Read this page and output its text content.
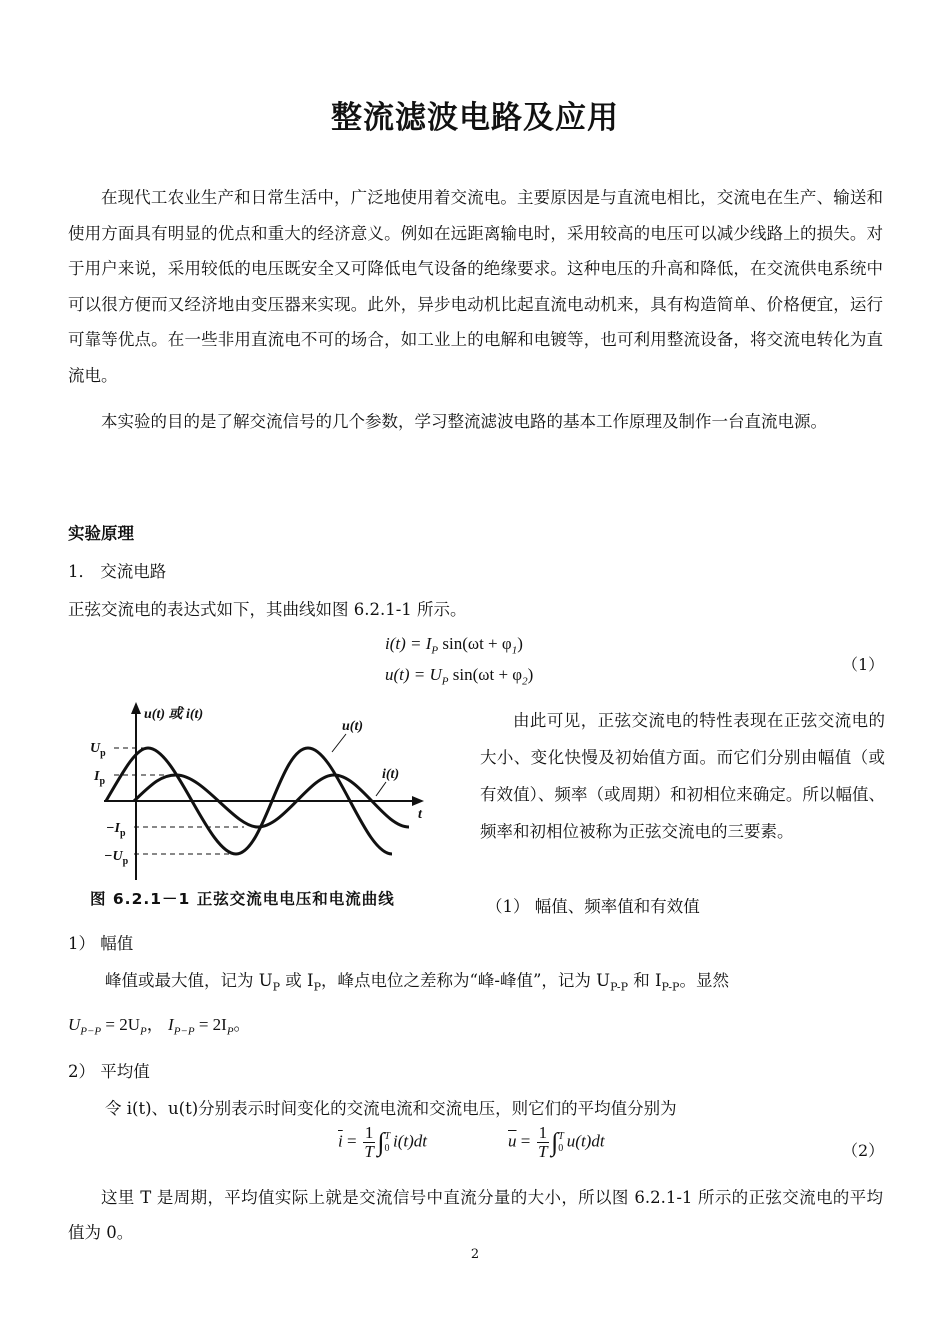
整流滤波电路及应用
在现代工农业生产和日常生活中，广泛地使用着交流电。主要原因是与直流电相比，交流电在生产、输送和使用方面具有明显的优点和重大的经济意义。例如在远距离输电时，采用较高的电压可以减少线路上的损失。对于用户来说，采用较低的电压既安全又可降低电气设备的绝缘要求。这种电压的升高和降低，在交流供电系统中可以很方便而又经济地由变压器来实现。此外，异步电动机比起直流电动机来，具有构造简单、价格便宜，运行可靠等优点。在一些非用直流电不可的场合，如工业上的电解和电镀等，也可利用整流设备，将交流电转化为直流电。
本实验的目的是了解交流信号的几个参数，学习整流滤波电路的基本工作原理及制作一台直流电源。
实验原理
1． 交流电路
正弦交流电的表达式如下，其曲线如图 6.2.1-1 所示。
$i(t) = I_P$ $\sin(\omega t + \varphi_1)$
$u(t) = U_P$ $\sin(\omega t + \varphi_2)$
（1）
u(t) 或 i(t)
u(t)
i(t)
t
$U_p$
$I_p$
$-I_p$
$-U_p$
图 6.2.1－1 正弦交流电电压和电流曲线
由此可见，正弦交流电的特性表现在正弦交流电的大小、变化快慢及初始值方面。而它们分别由幅值（或有效值）、频率（或周期）和初相位来确定。所以幅值、频率和初相位被称为正弦交流电的三要素。
（1） 幅值、频率值和有效值
1） 幅值
峰值或最大值，记为 $U_P$ 或 $I_P$，峰点电位之差称为“峰-峰值”，记为 $U_{P-P}$ 和 $I_{P-P}$。显然
$U_{P-P} = 2U_P$， $I_{P-P} = 2I_P$。
2） 平均值
令 i(t)、u(t)分别表示时间变化的交流电流和交流电压，则它们的平均值分别为
$\overline{i} = \frac{1}{T}$ ∫ T
0 i(t)dt	$\overline{u} = \frac{1}{T}$ ∫ T
0 u(t)dt
（2）
这里 T 是周期，平均值实际上就是交流信号中直流分量的大小，所以图 6.2.1-1 所示的正弦交流电的平均值为 0。
2
